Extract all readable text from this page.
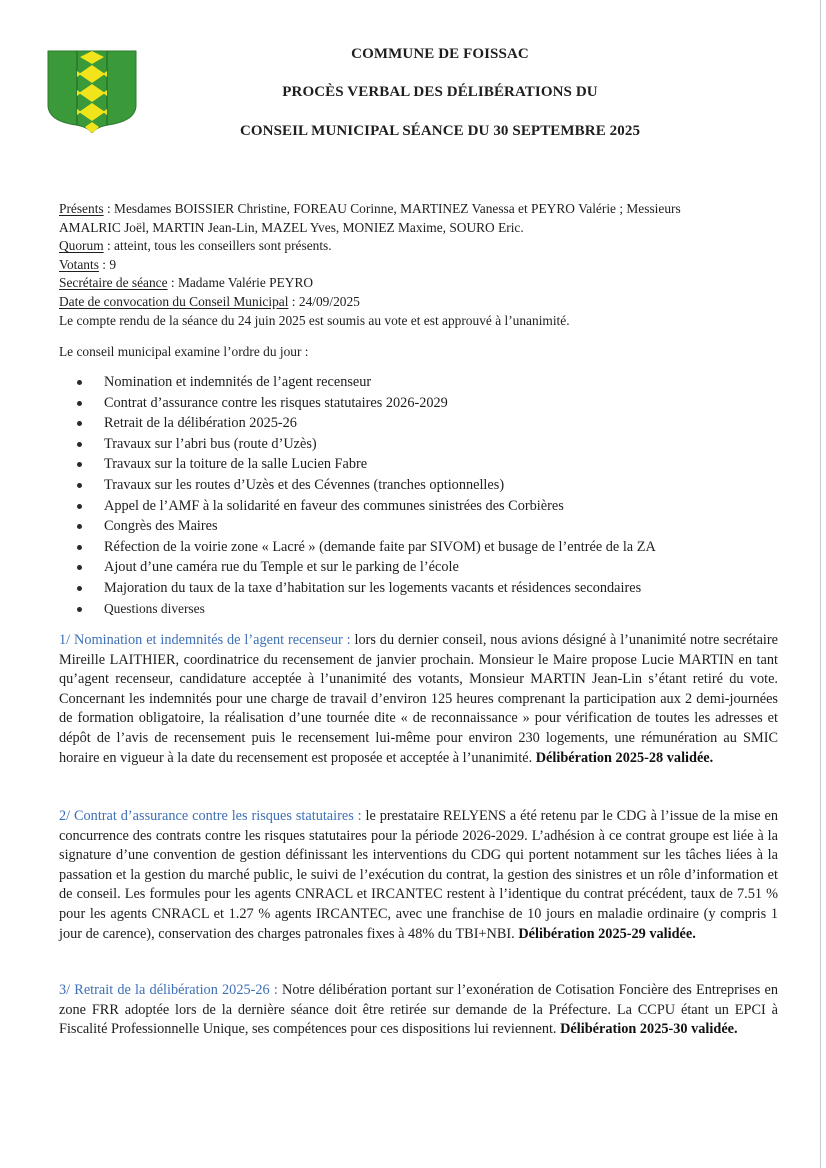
COMMUNE DE FOISSAC
PROCÈS VERBAL DES DÉLIBÉRATIONS DU
CONSEIL MUNICIPAL SÉANCE DU 30 SEPTEMBRE 2025
Présents : Mesdames BOISSIER Christine, FOREAU Corinne, MARTINEZ Vanessa et PEYRO Valérie ; Messieurs
AMALRIC Joël, MARTIN Jean-Lin, MAZEL Yves, MONIEZ Maxime, SOURO Eric.
Quorum : atteint, tous les conseillers sont présents.
Votants : 9
Secrétaire de séance : Madame Valérie PEYRO
Date de convocation du Conseil Municipal : 24/09/2025
Le compte rendu de la séance du 24 juin 2025 est soumis au vote et est approuvé à l’unanimité.
Le conseil municipal examine l’ordre du jour :
Nomination et indemnités de l’agent recenseur
Contrat d’assurance contre les risques statutaires 2026-2029
Retrait de la délibération 2025-26
Travaux sur l’abri bus (route d’Uzès)
Travaux sur la toiture de la salle Lucien Fabre
Travaux sur les routes d’Uzès et des Cévennes (tranches optionnelles)
Appel de l’AMF à la solidarité en faveur des communes sinistrées des Corbières
Congrès des Maires
Réfection de la voirie zone « Lacré » (demande faite par SIVOM) et busage de l’entrée de la ZA
Ajout d’une caméra rue du Temple et sur le parking de l’école
Majoration du taux de la taxe d’habitation sur les logements vacants et résidences secondaires
Questions diverses
1/ Nomination et indemnités de l’agent recenseur : lors du dernier conseil, nous avions désigné à l’unanimité notre secrétaire Mireille LAITHIER, coordinatrice du recensement de janvier prochain. Monsieur le Maire propose Lucie MARTIN en tant qu’agent recenseur, candidature acceptée à l’unanimité des votants, Monsieur MARTIN Jean-Lin s’étant retiré du vote. Concernant les indemnités pour une charge de travail d’environ 125 heures comprenant la participation aux 2 demi-journées de formation obligatoire, la réalisation d’une tournée dite « de reconnaissance » pour vérification de toutes les adresses et dépôt de l’avis de recensement puis le recensement lui-même pour environ 230 logements, une rémunération au SMIC horaire en vigueur à la date du recensement est proposée et acceptée à l’unanimité. Délibération 2025-28 validée.
2/ Contrat d’assurance contre les risques statutaires : le prestataire RELYENS a été retenu par le CDG à l’issue de la mise en concurrence des contrats contre les risques statutaires pour la période 2026-2029. L’adhésion à ce contrat groupe est liée à la signature d’une convention de gestion définissant les interventions du CDG qui portent notamment sur les tâches liées à la passation et la gestion du marché public, le suivi de l’exécution du contrat, la gestion des sinistres et un rôle d’information et de conseil. Les formules pour les agents CNRACL et IRCANTEC restent à l’identique du contrat précédent, taux de 7.51 % pour les agents CNRACL et 1.27 % agents IRCANTEC, avec une franchise de 10 jours en maladie ordinaire (y compris 1 jour de carence), conservation des charges patronales fixes à 48% du TBI+NBI. Délibération 2025-29 validée.
3/ Retrait de la délibération 2025-26 : Notre délibération portant sur l’exonération de Cotisation Foncière des Entreprises en zone FRR adoptée lors de la dernière séance doit être retirée sur demande de la Préfecture. La CCPU étant un EPCI à Fiscalité Professionnelle Unique, ses compétences pour ces dispositions lui reviennent. Délibération 2025-30 validée.
